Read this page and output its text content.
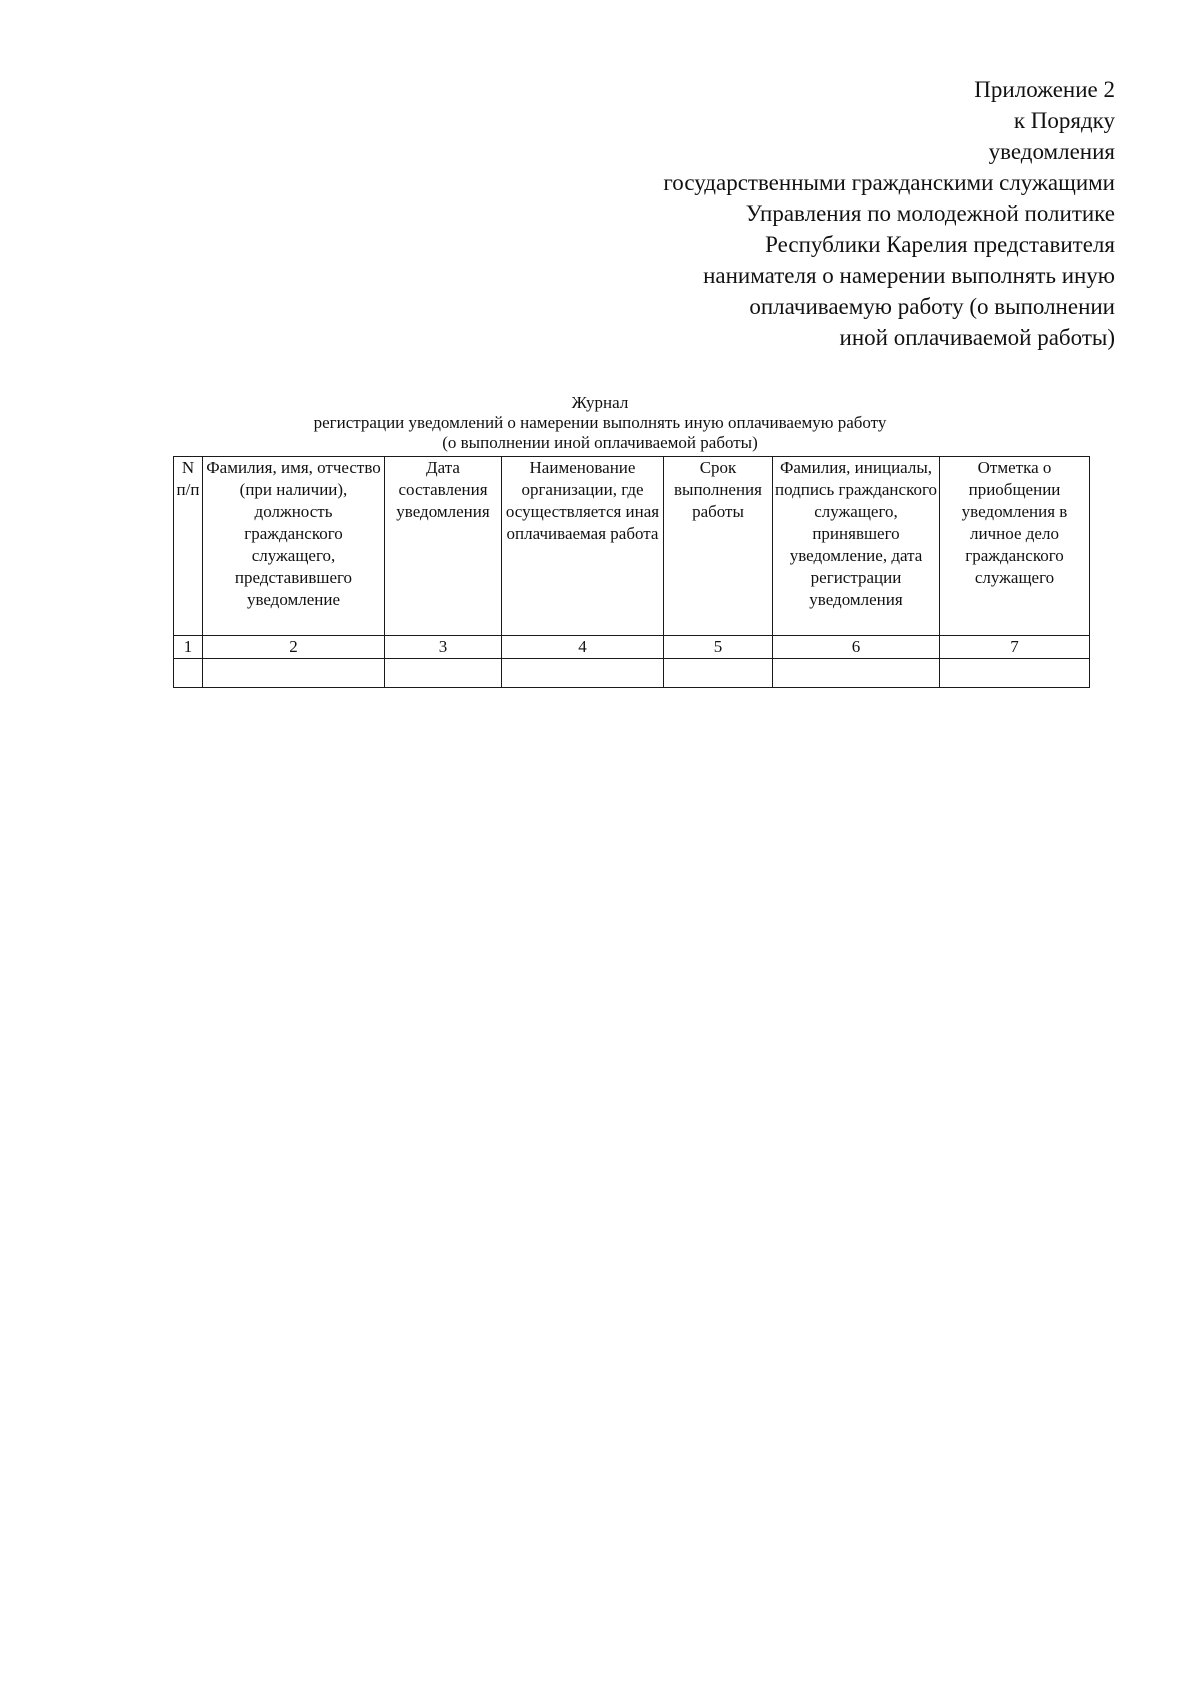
Приложение 2
к Порядку
уведомления
государственными гражданскими служащими
Управления по молодежной политике
Республики Карелия представителя
нанимателя о намерении выполнять иную
оплачиваемую работу (о выполнении
иной оплачиваемой работы)
Журнал
регистрации уведомлений о намерении выполнять иную оплачиваемую работу
(о выполнении иной оплачиваемой работы)
N п/п	Фамилия, имя, отчество (при наличии), должность гражданского служащего, представившего уведомление	Дата составления уведомления	Наименование организации, где осуществляется иная оплачиваемая работа	Срок выполнения работы	Фамилия, инициалы, подпись гражданского служащего, принявшего уведомление, дата регистрации уведомления	Отметка о приобщении уведомления в личное дело гражданского служащего
1	2	3	4	5	6	7
